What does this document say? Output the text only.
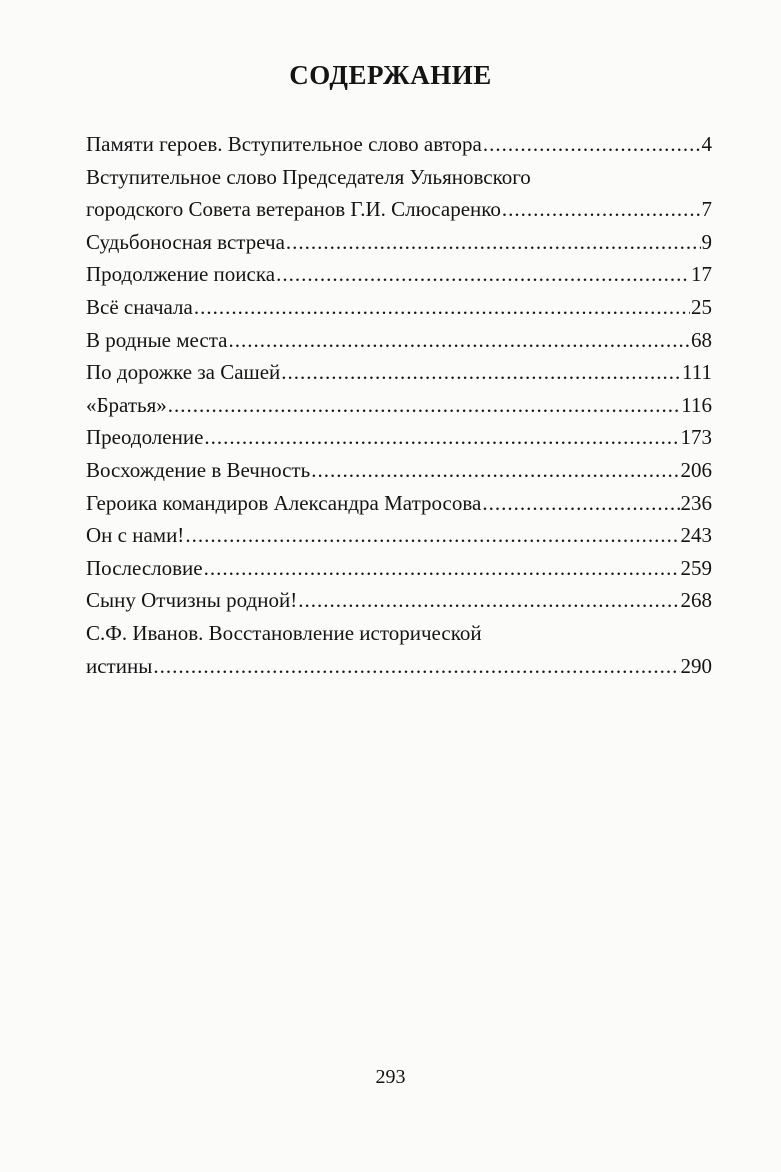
СОДЕРЖАНИЕ
Памяти героев. Вступительное слово автора .....	4
Вступительное слово Председателя Ульяновского
городского Совета ветеранов Г.И. Слюсаренко .....	7
Судьбоносная встреча .....	9
Продолжение поиска .....	17
Всё сначала .....	25
В родные места .....	68
По дорожке за Сашей .....	111
«Братья» .....	116
Преодоление .....	173
Восхождение в Вечность .....	206
Героика командиров Александра Матросова .....	236
Он с нами! .....	243
Послесловие .....	259
Сыну Отчизны родной! .....	268
С.Ф. Иванов. Восстановление исторической
истины .....	290
293
